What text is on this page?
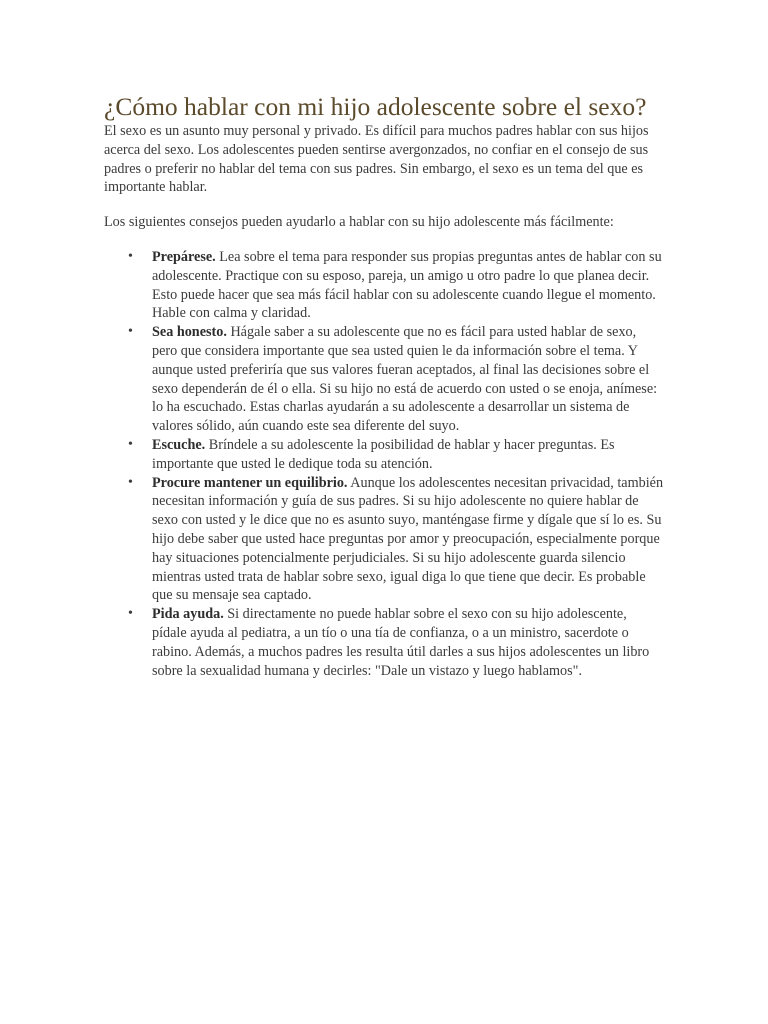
¿Cómo hablar con mi hijo adolescente sobre el sexo?

El sexo es un asunto muy personal y privado. Es difícil para muchos padres hablar con sus hijos acerca del sexo. Los adolescentes pueden sentirse avergonzados, no confiar en el consejo de sus padres o preferir no hablar del tema con sus padres. Sin embargo, el sexo es un tema del que es importante hablar.

Los siguientes consejos pueden ayudarlo a hablar con su hijo adolescente más fácilmente:

• Prepárese. Lea sobre el tema para responder sus propias preguntas antes de hablar con su adolescente. Practique con su esposo, pareja, un amigo u otro padre lo que planea decir. Esto puede hacer que sea más fácil hablar con su adolescente cuando llegue el momento. Hable con calma y claridad.
• Sea honesto. Hágale saber a su adolescente que no es fácil para usted hablar de sexo, pero que considera importante que sea usted quien le da información sobre el tema. Y aunque usted preferiría que sus valores fueran aceptados, al final las decisiones sobre el sexo dependerán de él o ella. Si su hijo no está de acuerdo con usted o se enoja, anímese: lo ha escuchado. Estas charlas ayudarán a su adolescente a desarrollar un sistema de valores sólido, aún cuando este sea diferente del suyo.
• Escuche. Bríndele a su adolescente la posibilidad de hablar y hacer preguntas. Es importante que usted le dedique toda su atención.
• Procure mantener un equilibrio. Aunque los adolescentes necesitan privacidad, también necesitan información y guía de sus padres. Si su hijo adolescente no quiere hablar de sexo con usted y le dice que no es asunto suyo, manténgase firme y dígale que sí lo es. Su hijo debe saber que usted hace preguntas por amor y preocupación, especialmente porque hay situaciones potencialmente perjudiciales. Si su hijo adolescente guarda silencio mientras usted trata de hablar sobre sexo, igual diga lo que tiene que decir. Es probable que su mensaje sea captado.
• Pida ayuda. Si directamente no puede hablar sobre el sexo con su hijo adolescente, pídale ayuda al pediatra, a un tío o una tía de confianza, o a un ministro, sacerdote o rabino. Además, a muchos padres les resulta útil darles a sus hijos adolescentes un libro sobre la sexualidad humana y decirles: "Dale un vistazo y luego hablamos".
